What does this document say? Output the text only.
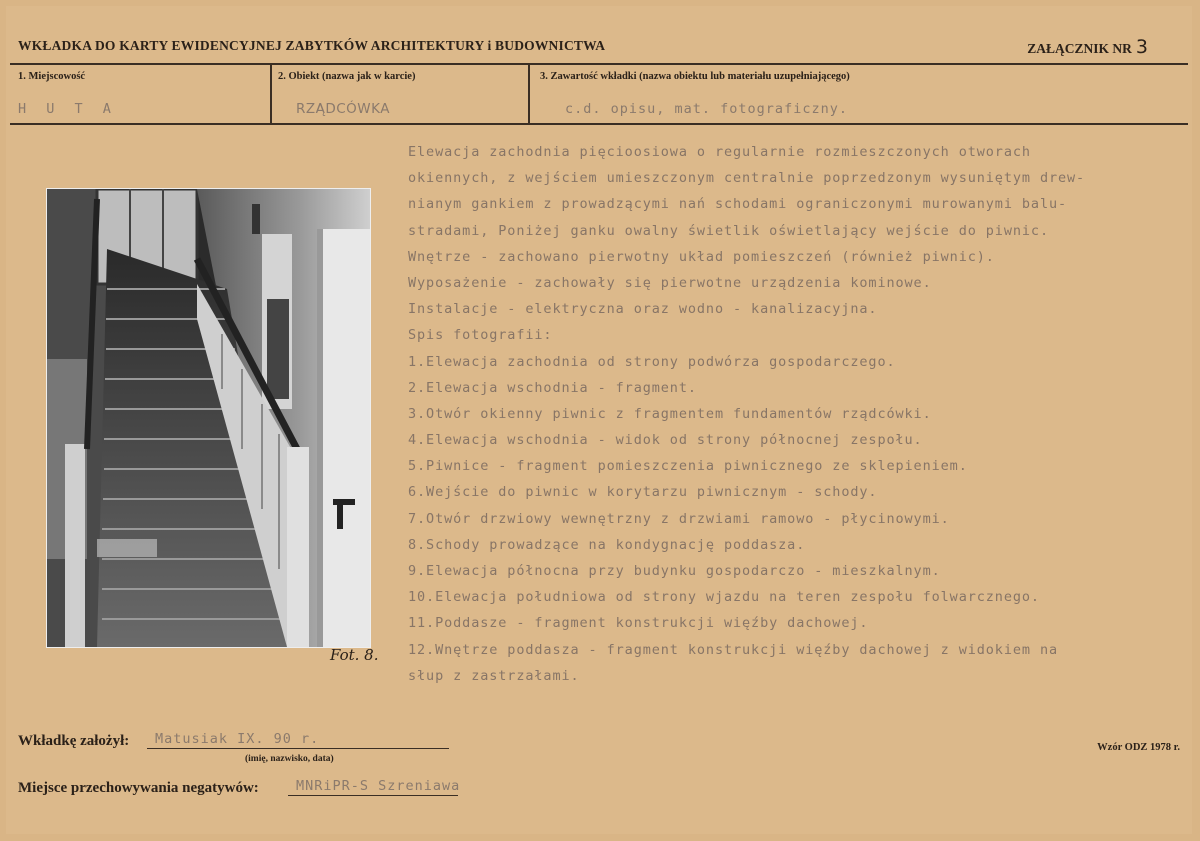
WKŁADKA DO KARTY EWIDENCYJNEJ ZABYTKÓW ARCHITEKTURY i BUDOWNICTWA	ZAŁĄCZNIK NR 3
1. Miejscowość
H U T A
2. Obiekt (nazwa jak w karcie)
RZĄDCÓWKA
3. Zawartość wkładki (nazwa obiektu lub materiału uzupełniającego)
c.d. opisu, mat. fotograficzny.
Elewacja zachodnia pięcioosiowa o regularnie rozmieszczonych otworach
okiennych, z wejściem umieszczonym centralnie poprzedzonym wysuniętym drew-
nianym gankiem z prowadzącymi nań schodami ograniczonymi murowanymi balu-
stradami, Poniżej ganku owalny świetlik oświetlający wejście do piwnic.
Wnętrze - zachowano pierwotny układ pomieszczeń (również piwnic).
Wyposażenie - zachowały się pierwotne urządzenia kominowe.
Instalacje - elektryczna oraz wodno - kanalizacyjna.
Spis fotografii:
1.Elewacja zachodnia od strony podwórza gospodarczego.
2.Elewacja wschodnia - fragment.
3.Otwór okienny piwnic z fragmentem fundamentów rządcówki.
4.Elewacja wschodnia - widok od strony północnej zespołu.
5.Piwnice - fragment pomieszczenia piwnicznego ze sklepieniem.
6.Wejście do piwnic w korytarzu piwnicznym - schody.
7.Otwór drzwiowy wewnętrzny z drzwiami ramowo - płycinowymi.
8.Schody prowadzące na kondygnację poddasza.
9.Elewacja północna przy budynku gospodarczo - mieszkalnym.
10.Elewacja południowa od strony wjazdu na teren zespołu folwarcznego.
11.Poddasze - fragment konstrukcji więźby dachowej.
12.Wnętrze poddasza - fragment konstrukcji więźby dachowej z widokiem na
słup z zastrzałami.
Fot. 8.
Wkładkę założył: Matusiak IX. 90 r.
(imię, nazwisko, data)
Miejsce przechowywania negatywów:	MNRiPR-S Szreniawa
Wzór ODZ 1978 r.
